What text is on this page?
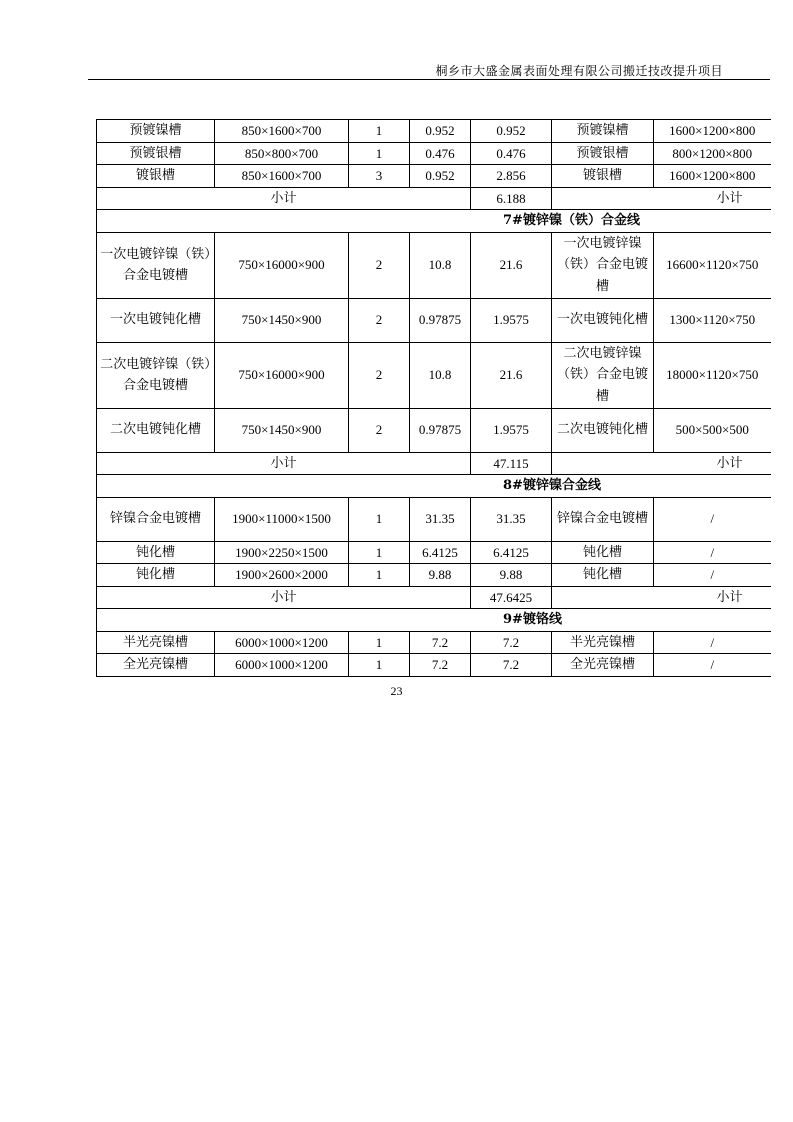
桐乡市大盛金属表面处理有限公司搬迁技改提升项目
预镀镍槽	850×1600×700	1	0.952	0.952	预镀镍槽	1600×1200×800
预镀银槽	850×800×700	1	0.476	0.476	预镀银槽	800×1200×800
镀银槽	850×1600×700	3	0.952	2.856	镀银槽	1600×1200×800
小计				6.188	小计	
7#镀锌镍（铁）合金线						
一次电镀锌镍（铁）合金电镀槽	750×16000×900	2	10.8	21.6	一次电镀锌镍（铁）合金电镀槽	16600×1120×750
一次电镀钝化槽	750×1450×900	2	0.97875	1.9575	一次电镀钝化槽	1300×1120×750
二次电镀锌镍（铁）合金电镀槽	750×16000×900	2	10.8	21.6	二次电镀锌镍（铁）合金电镀槽	18000×1120×750
二次电镀钝化槽	750×1450×900	2	0.97875	1.9575	二次电镀钝化槽	500×500×500
小计				47.115	小计	
8#镀锌镍合金线						
锌镍合金电镀槽	1900×11000×1500	1	31.35	31.35	锌镍合金电镀槽	/
钝化槽	1900×2250×1500	1	6.4125	6.4125	钝化槽	/
钝化槽	1900×2600×2000	1	9.88	9.88	钝化槽	/
小计				47.6425	小计	
9#镀铬线						
半光亮镍槽	6000×1000×1200	1	7.2	7.2	半光亮镍槽	/
全光亮镍槽	6000×1000×1200	1	7.2	7.2	全光亮镍槽	/
23
